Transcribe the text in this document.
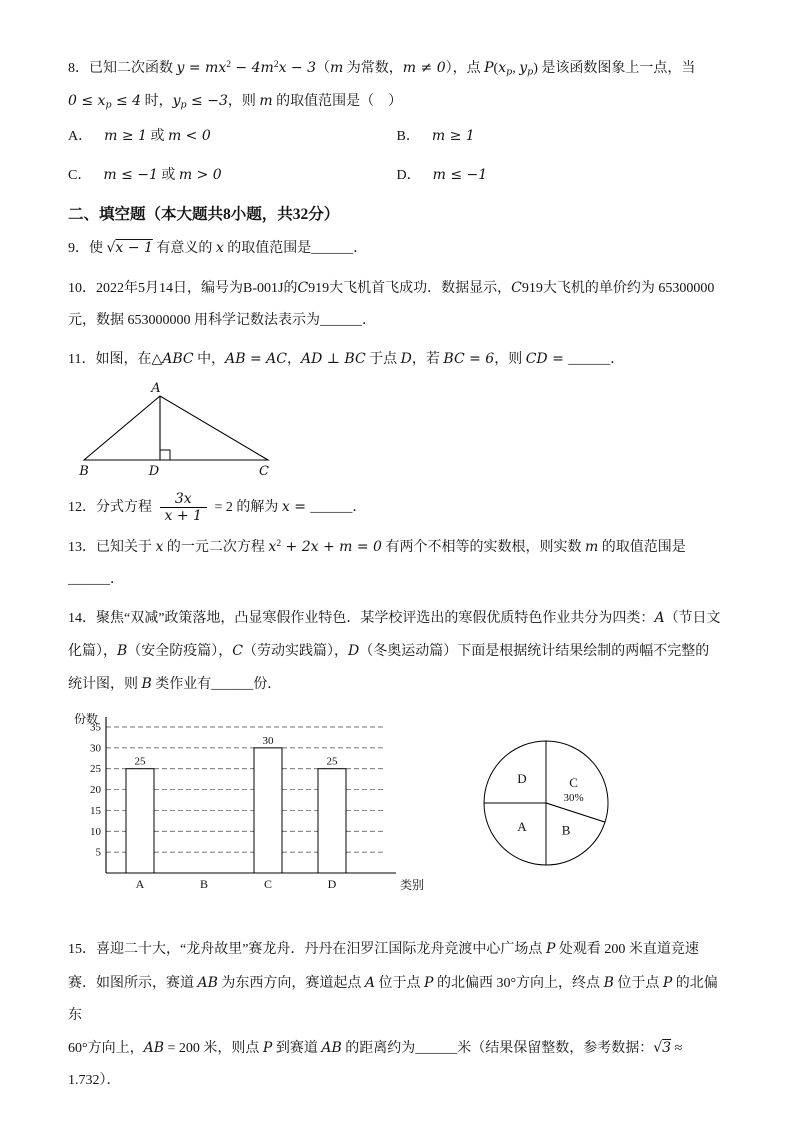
8．已知二次函数 $y = mx^2 - 4m^2x - 3(m$ 为常数，m ≠ 0），点 $P(x_p$, $y_p$) 是该函数图象上一点，当
$0 \le x_p \le 4$ 时，$y_p \le -3$，则 m 的取值范围是（　）
A． m ≥ 1 或 m < 0	B． m ≥ 1
C． m ≤ −1 或 m > 0	D． m ≤ −1
二、填空题（本大题共8小题，共32分）
9．使 √x − 1 有意义的 x 的取值范围是______．
10．2022年5月14日，编号为B-001J的C919大飞机首飞成功．数据显示，C919大飞机的单价约为 65300000
元，数据 653000000 用科学记数法表示为______．
11．如图，在△ABC 中，AB = AC，AD ⊥ BC 于点 D，若 BC = 6，则 CD = ______．
A
B	D	C
12．分式方程 $\frac{3x}{x + 1} = 2$ 的解为 x = ______．
13．已知关于 x 的一元二次方程 $x^2 + 2x + m = 0$ 有两个不相等的实数根，则实数 m 的取值范围是______．
14．聚焦“双减”政策落地，凸显寒假作业特色．某学校评选出的寒假优质特色作业共分为四类：A（节日文
化篇），B（安全防疫篇），C（劳动实践篇），D（冬奥运动篇）下面是根据统计结果绘制的两幅不完整的
统计图，则 B 类作业有______份．
5
10
15
20
25
30
35
25
A	B
30
C
25
D
份数
类别
C
30%
B
A
D
15．喜迎二十大，“龙舟故里”赛龙舟．丹丹在汨罗江国际龙舟竞渡中心广场点 P 处观看 200 米直道竞速
赛．如图所示，赛道 AB 为东西方向，赛道起点 A 位于点 P 的北偏西 30°方向上，终点 B 位于点 P 的北偏东
60°方向上，AB = 200 米，则点 P 到赛道 AB 的距离约为______米（结果保留整数，参考数据：√3 ≈ 1.732）．
